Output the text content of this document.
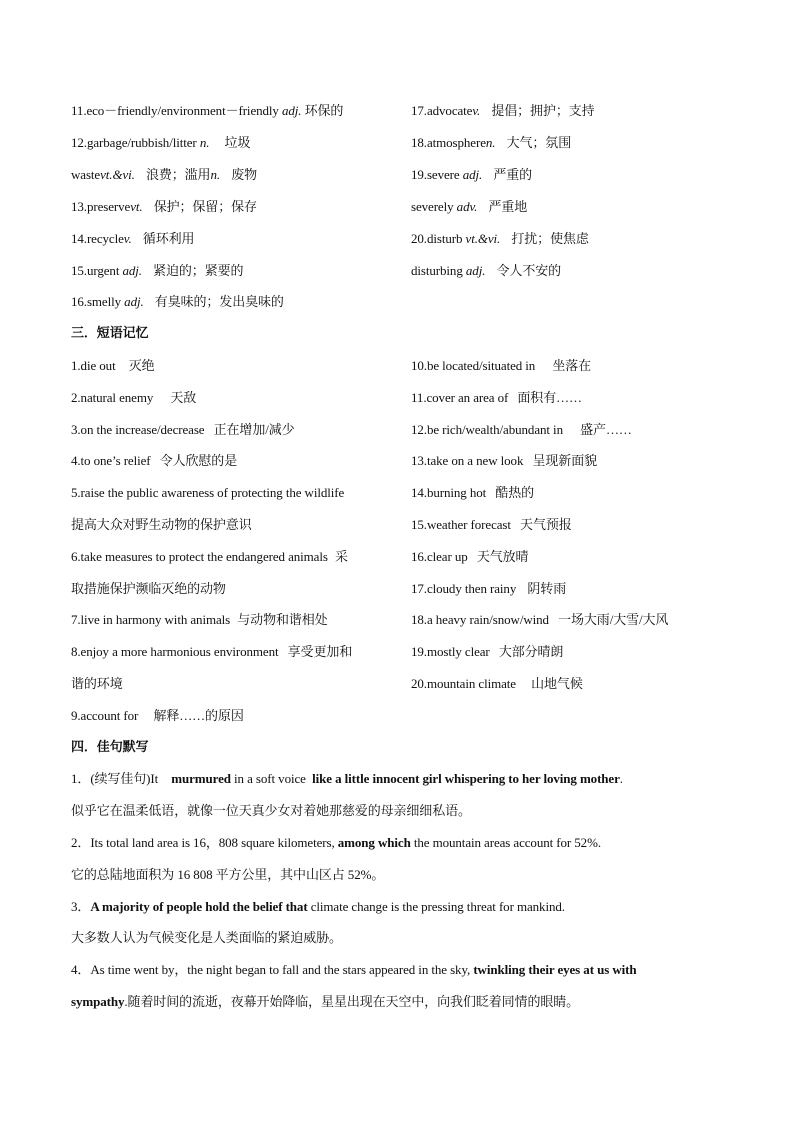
11.eco－friendly/environment－friendly adj. 环保的
12.garbage/rubbish/litter n. 垃圾
wastevt.&vi. 浪费；滥用n. 废物
13.preservevt. 保护；保留；保存
14.recyclev. 循环利用
15.urgent adj. 紧迫的；紧要的
16.smelly adj. 有臭味的；发出臭味的
17.advocatev. 提倡；拥护；支持
18.atmospheren. 大气；氛围
19.severe adj. 严重的
severely adv. 严重地
20.disturb vt.&vi. 打扰；使焦虑
disturbing adj. 令人不安的
三．短语记忆
1.die out 灭绝
2.natural enemy 天敌
3.on the increase/decrease 正在增加/减少
4.to one’s relief 令人欣慰的是
5.raise the public awareness of protecting the wildlife
提高大众对野生动物的保护意识
6.take measures to protect the endangered animals 采
取措施保护濒临灭绝的动物
7.live in harmony with animals 与动物和谐相处
8.enjoy a more harmonious environment 享受更加和
谐的环境
9.account for 解释……的原因
10.be located/situated in 坐落在
11.cover an area of 面积有……
12.be rich/wealth/abundant in 盛产……
13.take on a new look 呈现新面貌
14.burning hot 酷热的
15.weather forecast 天气预报
16.clear up 天气放晴
17.cloudy then rainy 阴转雨
18.a heavy rain/snow/wind 一场大雨/大雪/大风
19.mostly clear 大部分晴朗
20.mountain climate 山地气候
四．佳句默写
1．(续写佳句)It murmured in a soft voice  like a little innocent girl whispering to her loving mother.
似乎它在温柔低语，就像一位天真少女对着她那慈爱的母亲细细私语。
2．Its total land area is 16，808 square kilometers, among which the mountain areas account for 52%.
它的总陆地面积为 16 808 平方公里，其中山区占 52%。
3．A majority of people hold the belief that climate change is the pressing threat for mankind.
大多数人认为气候变化是人类面临的紧迫威胁。
4．As time went by，the night began to fall and the stars appeared in the sky, twinkling their eyes at us with
sympathy.随着时间的流逝，夜幕开始降临，星星出现在天空中，向我们眨着同情的眼睛。
